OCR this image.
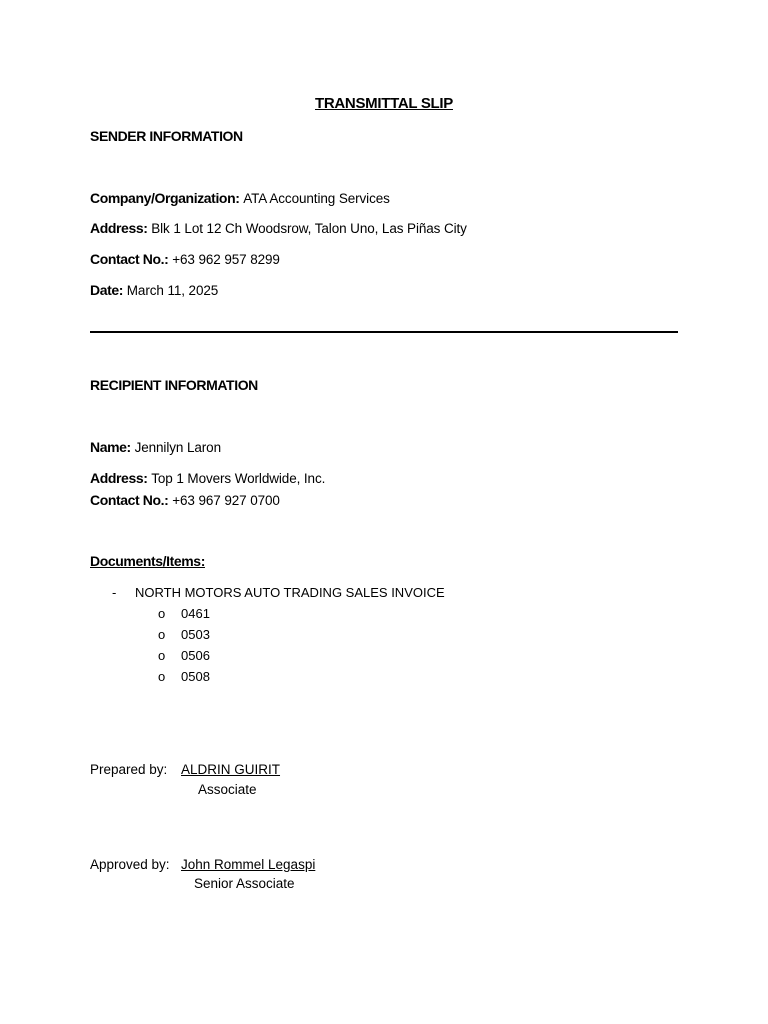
TRANSMITTAL SLIP
SENDER INFORMATION
Company/Organization: ATA Accounting Services
Address: Blk 1 Lot 12 Ch Woodsrow, Talon Uno, Las Piñas City
Contact No.: +63 962 957 8299
Date: March 11, 2025
RECIPIENT INFORMATION
Name: Jennilyn Laron
Address: Top 1 Movers Worldwide, Inc.
Contact No.: +63 967 927 0700
Documents/Items:
- NORTH MOTORS AUTO TRADING SALES INVOICE
o 0461
o 0503
o 0506
o 0508
Prepared by: ALDRIN GUIRIT
Associate
Approved by: John Rommel Legaspi
Senior Associate
